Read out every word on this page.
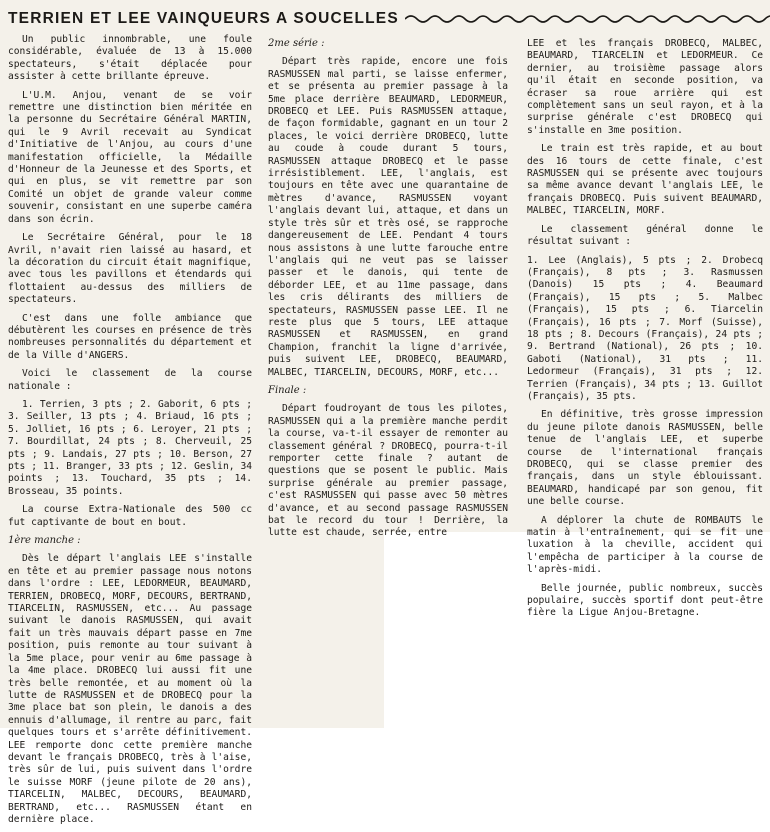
TERRIEN ET LEE VAINQUEURS A SOUCELLES

Un public innombrable, une foule considérable, évaluée de 13 à 15.000 spectateurs, s'était déplacée pour assister à cette brillante épreuve.

L'U.M. Anjou, venant de se voir remettre une distinction bien méritée en la personne du Secrétaire Général MARTIN, qui le 9 Avril recevait au Syndicat d'Initiative de l'Anjou, au cours d'une manifestation officielle, la Médaille d'Honneur de la Jeunesse et des Sports, et qui en plus, se vit remettre par son Comité un objet de grande valeur comme souvenir, consistant en une superbe caméra dans son écrin.

Le Secrétaire Général, pour le 18 Avril, n'avait rien laissé au hasard, et la décoration du circuit était magnifique, avec tous les pavillons et étendards qui flottaient au-dessus des milliers de spectateurs.

C'est dans une folle ambiance que débutèrent les courses en présence de très nombreuses personnalités du département et de la Ville d'ANGERS.

Voici le classement de la course nationale :

1. Terrien, 3 pts ; 2. Gaborit, 6 pts ; 3. Seiller, 13 pts ; 4. Briaud, 16 pts ; 5. Jolliet, 16 pts ; 6. Leroyer, 21 pts ; 7. Bourdillat, 24 pts ; 8. Cherveuil, 25 pts ; 9. Landais, 27 pts ; 10. Berson, 27 pts ; 11. Branger, 33 pts ; 12. Geslin, 34 points ; 13. Touchard, 35 pts ; 14. Brosseau, 35 points.

La course Extra-Nationale des 500 cc fut captivante de bout en bout.

1ère manche :

Dès le départ l'anglais LEE s'installe en tête et au premier passage nous notons dans l'ordre : LEE, LEDORMEUR, BEAUMARD, TERRIEN, DROBECQ, MORF, DECOURS, BERTRAND, TIARCELIN, RASMUSSEN, etc... Au passage suivant le danois RASMUSSEN, qui avait fait un très mauvais départ passe en 7me position, puis remonte au tour suivant à la 5me place, pour venir au 6me passage à la 4me place. DROBECQ lui aussi fit une très belle remontée, et au moment où la lutte de RASMUSSEN et de DROBECQ pour la 3me place bat son plein, le danois a des ennuis d'allumage, il rentre au parc, fait quelques tours et s'arrête définitivement. LEE remporte donc cette première manche devant le français DROBECQ, très à l'aise, très sûr de lui, puis suivent dans l'ordre le suisse MORF (jeune pilote de 20 ans), TIARCELIN, MALBEC, DECOURS, BEAUMARD, BERTRAND, etc... RASMUSSEN étant en dernière place.

2me série :

Départ très rapide, encore une fois RASMUSSEN mal parti, se laisse enfermer, et se présenta au premier passage à la 5me place derrière BEAUMARD, LEDORMEUR, DROBECQ et LEE. Puis RASMUSSEN attaque, de façon formidable, gagnant en un tour 2 places, le voici derrière DROBECQ, lutte au coude à coude durant 5 tours, RASMUSSEN attaque DROBECQ et le passe irrésistiblement. LEE, l'anglais, est toujours en tête avec une quarantaine de mètres d'avance, RASMUSSEN voyant l'anglais devant lui, attaque, et dans un style très sûr et très osé, se rapproche dangereusement de LEE. Pendant 4 tours nous assistons à une lutte farouche entre l'anglais qui ne veut pas se laisser passer et le danois, qui tente de déborder LEE, et au 11me passage, dans les cris délirants des milliers de spectateurs, RASMUSSEN passe LEE. Il ne reste plus que 5 tours, LEE attaque RASMUSSEN et RASMUSSEN, en grand Champion, franchit la ligne d'arrivée, puis suivent LEE, DROBECQ, BEAUMARD, MALBEC, TIARCELIN, DECOURS, MORF, etc...

Finale :

Départ foudroyant de tous les pilotes, RASMUSSEN qui a la première manche perdit la course, va-t-il essayer de remonter au classement général ? DROBECQ, pourra-t-il remporter cette finale ? autant de questions que se posent le public. Mais surprise générale au premier passage, c'est RASMUSSEN qui passe avec 50 mètres d'avance, et au second passage RASMUSSEN bat le record du tour ! Derrière, la lutte est chaude, serrée, entre

LEE et les français DROBECQ, MALBEC, BEAUMARD, TIARCELIN et LEDORMEUR. Ce dernier, au troisième passage alors qu'il était en seconde position, va écraser sa roue arrière qui est complètement sans un seul rayon, et à la surprise générale c'est DROBECQ qui s'installe en 3me position.

Le train est très rapide, et au bout des 16 tours de cette finale, c'est RASMUSSEN qui se présente avec toujours sa même avance devant l'anglais LEE, le français DROBECQ. Puis suivent BEAUMARD, MALBEC, TIARCELIN, MORF.

Le classement général donne le résultat suivant :

1. Lee (Anglais), 5 pts ; 2. Drobecq (Français), 8 pts ; 3. Rasmussen (Danois) 15 pts ; 4. Beaumard (Français), 15 pts ; 5. Malbec (Français), 15 pts ; 6. Tiarcelin (Français), 16 pts ; 7. Morf (Suisse), 18 pts ; 8. Decours (Français), 24 pts ; 9. Bertrand (National), 26 pts ; 10. Gaboti (National), 31 pts ; 11. Ledormeur (Français), 31 pts ; 12. Terrien (Français), 34 pts ; 13. Guillot (Français), 35 pts.

En définitive, très grosse impression du jeune pilote danois RASMUSSEN, belle tenue de l'anglais LEE, et superbe course de l'international français DROBECQ, qui se classe premier des français, dans un style éblouissant. BEAUMARD, handicapé par son genou, fit une belle course.

A déplorer la chute de ROMBAUTS le matin à l'entraînement, qui se fit une luxation à la cheville, accident qui l'empêcha de participer à la course de l'après-midi.

Belle journée, public nombreux, succès populaire, succès sportif dont peut-être fière la Ligue Anjou-Bretagne.
